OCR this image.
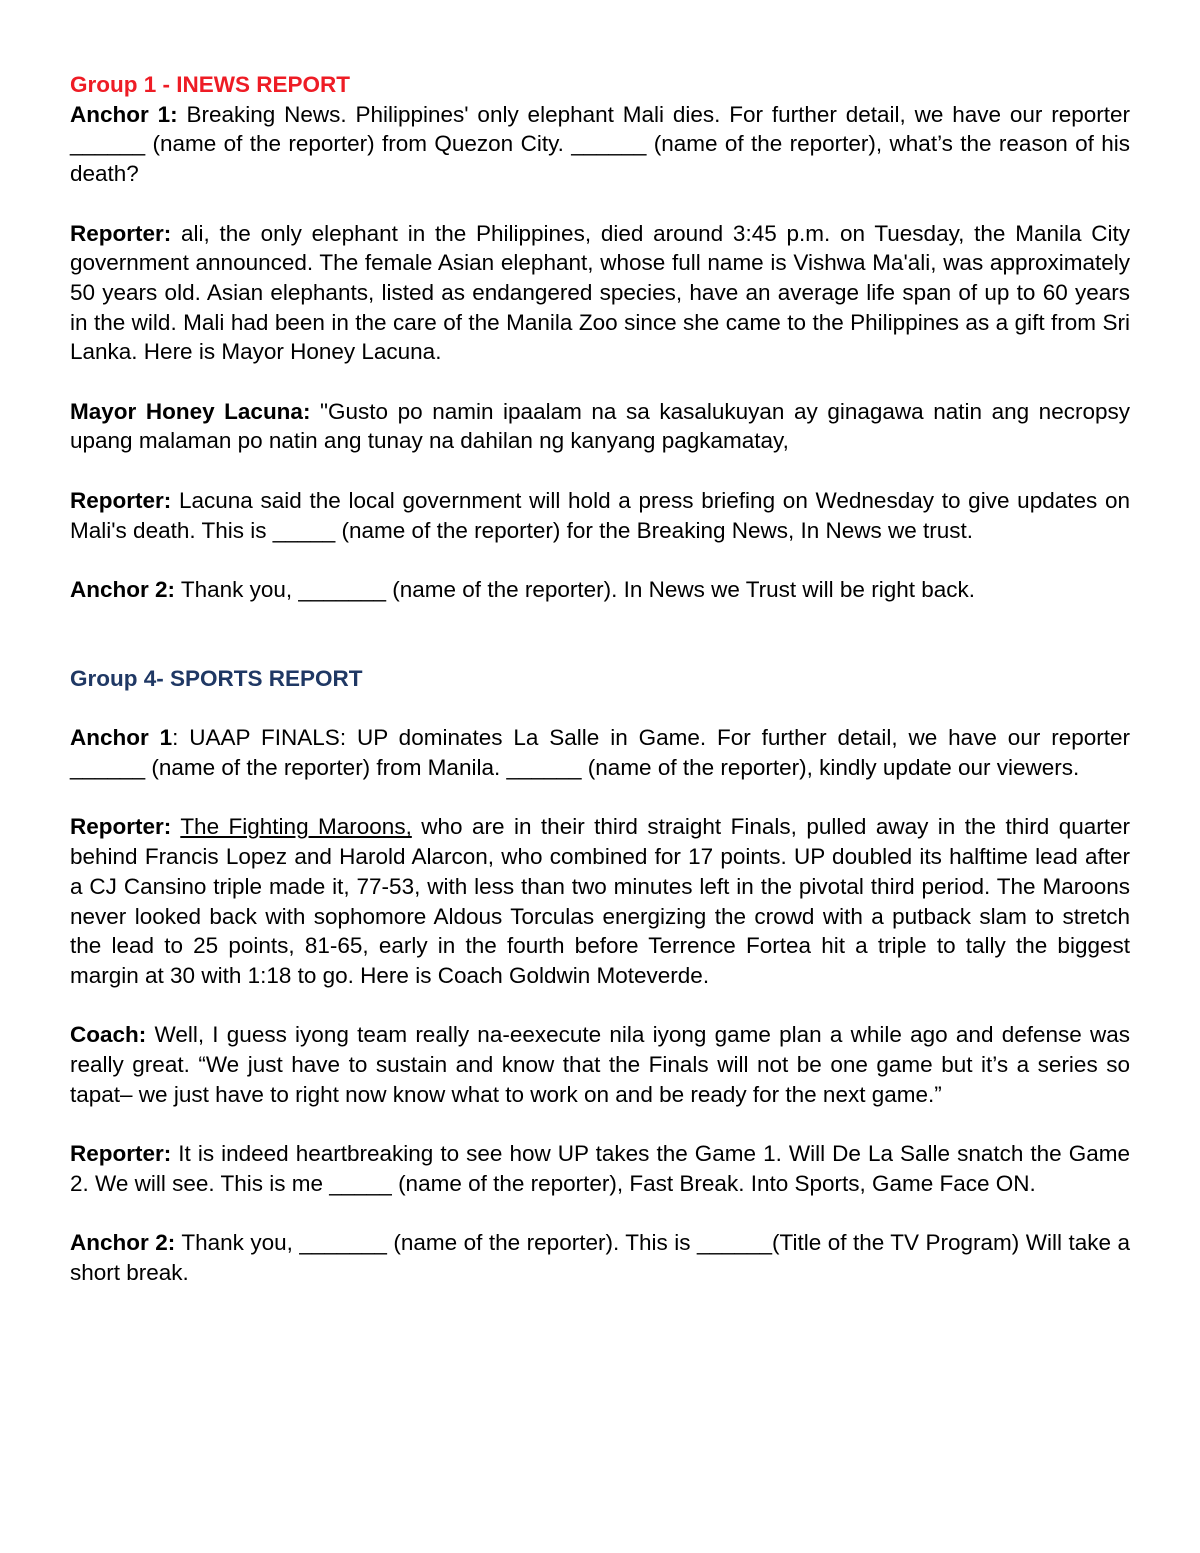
Group 1 - INEWS REPORT

Anchor 1: Breaking News. Philippines' only elephant Mali dies. For further detail, we have our reporter ______ (name of the reporter) from Quezon City. ______ (name of the reporter), what’s the reason of his death?

Reporter: ali, the only elephant in the Philippines, died around 3:45 p.m. on Tuesday, the Manila City government announced. The female Asian elephant, whose full name is Vishwa Ma'ali, was approximately 50 years old. Asian elephants, listed as endangered species, have an average life span of up to 60 years in the wild. Mali had been in the care of the Manila Zoo since she came to the Philippines as a gift from Sri Lanka. Here is Mayor Honey Lacuna.

Mayor Honey Lacuna: "Gusto po namin ipaalam na sa kasalukuyan ay ginagawa natin ang necropsy upang malaman po natin ang tunay na dahilan ng kanyang pagkamatay,

Reporter: Lacuna said the local government will hold a press briefing on Wednesday to give updates on Mali's death. This is _____ (name of the reporter) for the Breaking News, In News we trust.

Anchor 2: Thank you, _______ (name of the reporter). In News we Trust will be right back.

Group 4- SPORTS REPORT

Anchor 1: UAAP FINALS: UP dominates La Salle in Game. For further detail, we have our reporter ______ (name of the reporter) from Manila. ______ (name of the reporter), kindly update our viewers.

Reporter: The Fighting Maroons, who are in their third straight Finals, pulled away in the third quarter behind Francis Lopez and Harold Alarcon, who combined for 17 points. UP doubled its halftime lead after a CJ Cansino triple made it, 77-53, with less than two minutes left in the pivotal third period. The Maroons never looked back with sophomore Aldous Torculas energizing the crowd with a putback slam to stretch the lead to 25 points, 81-65, early in the fourth before Terrence Fortea hit a triple to tally the biggest margin at 30 with 1:18 to go. Here is Coach Goldwin Moteverde.

Coach: Well, I guess iyong team really na-eexecute nila iyong game plan a while ago and defense was really great. “We just have to sustain and know that the Finals will not be one game but it’s a series so tapat– we just have to right now know what to work on and be ready for the next game.”

Reporter: It is indeed heartbreaking to see how UP takes the Game 1. Will De La Salle snatch the Game 2. We will see. This is me _____ (name of the reporter), Fast Break. Into Sports, Game Face ON.

Anchor 2: Thank you, _______ (name of the reporter). This is ______(Title of the TV Program) Will take a short break.
